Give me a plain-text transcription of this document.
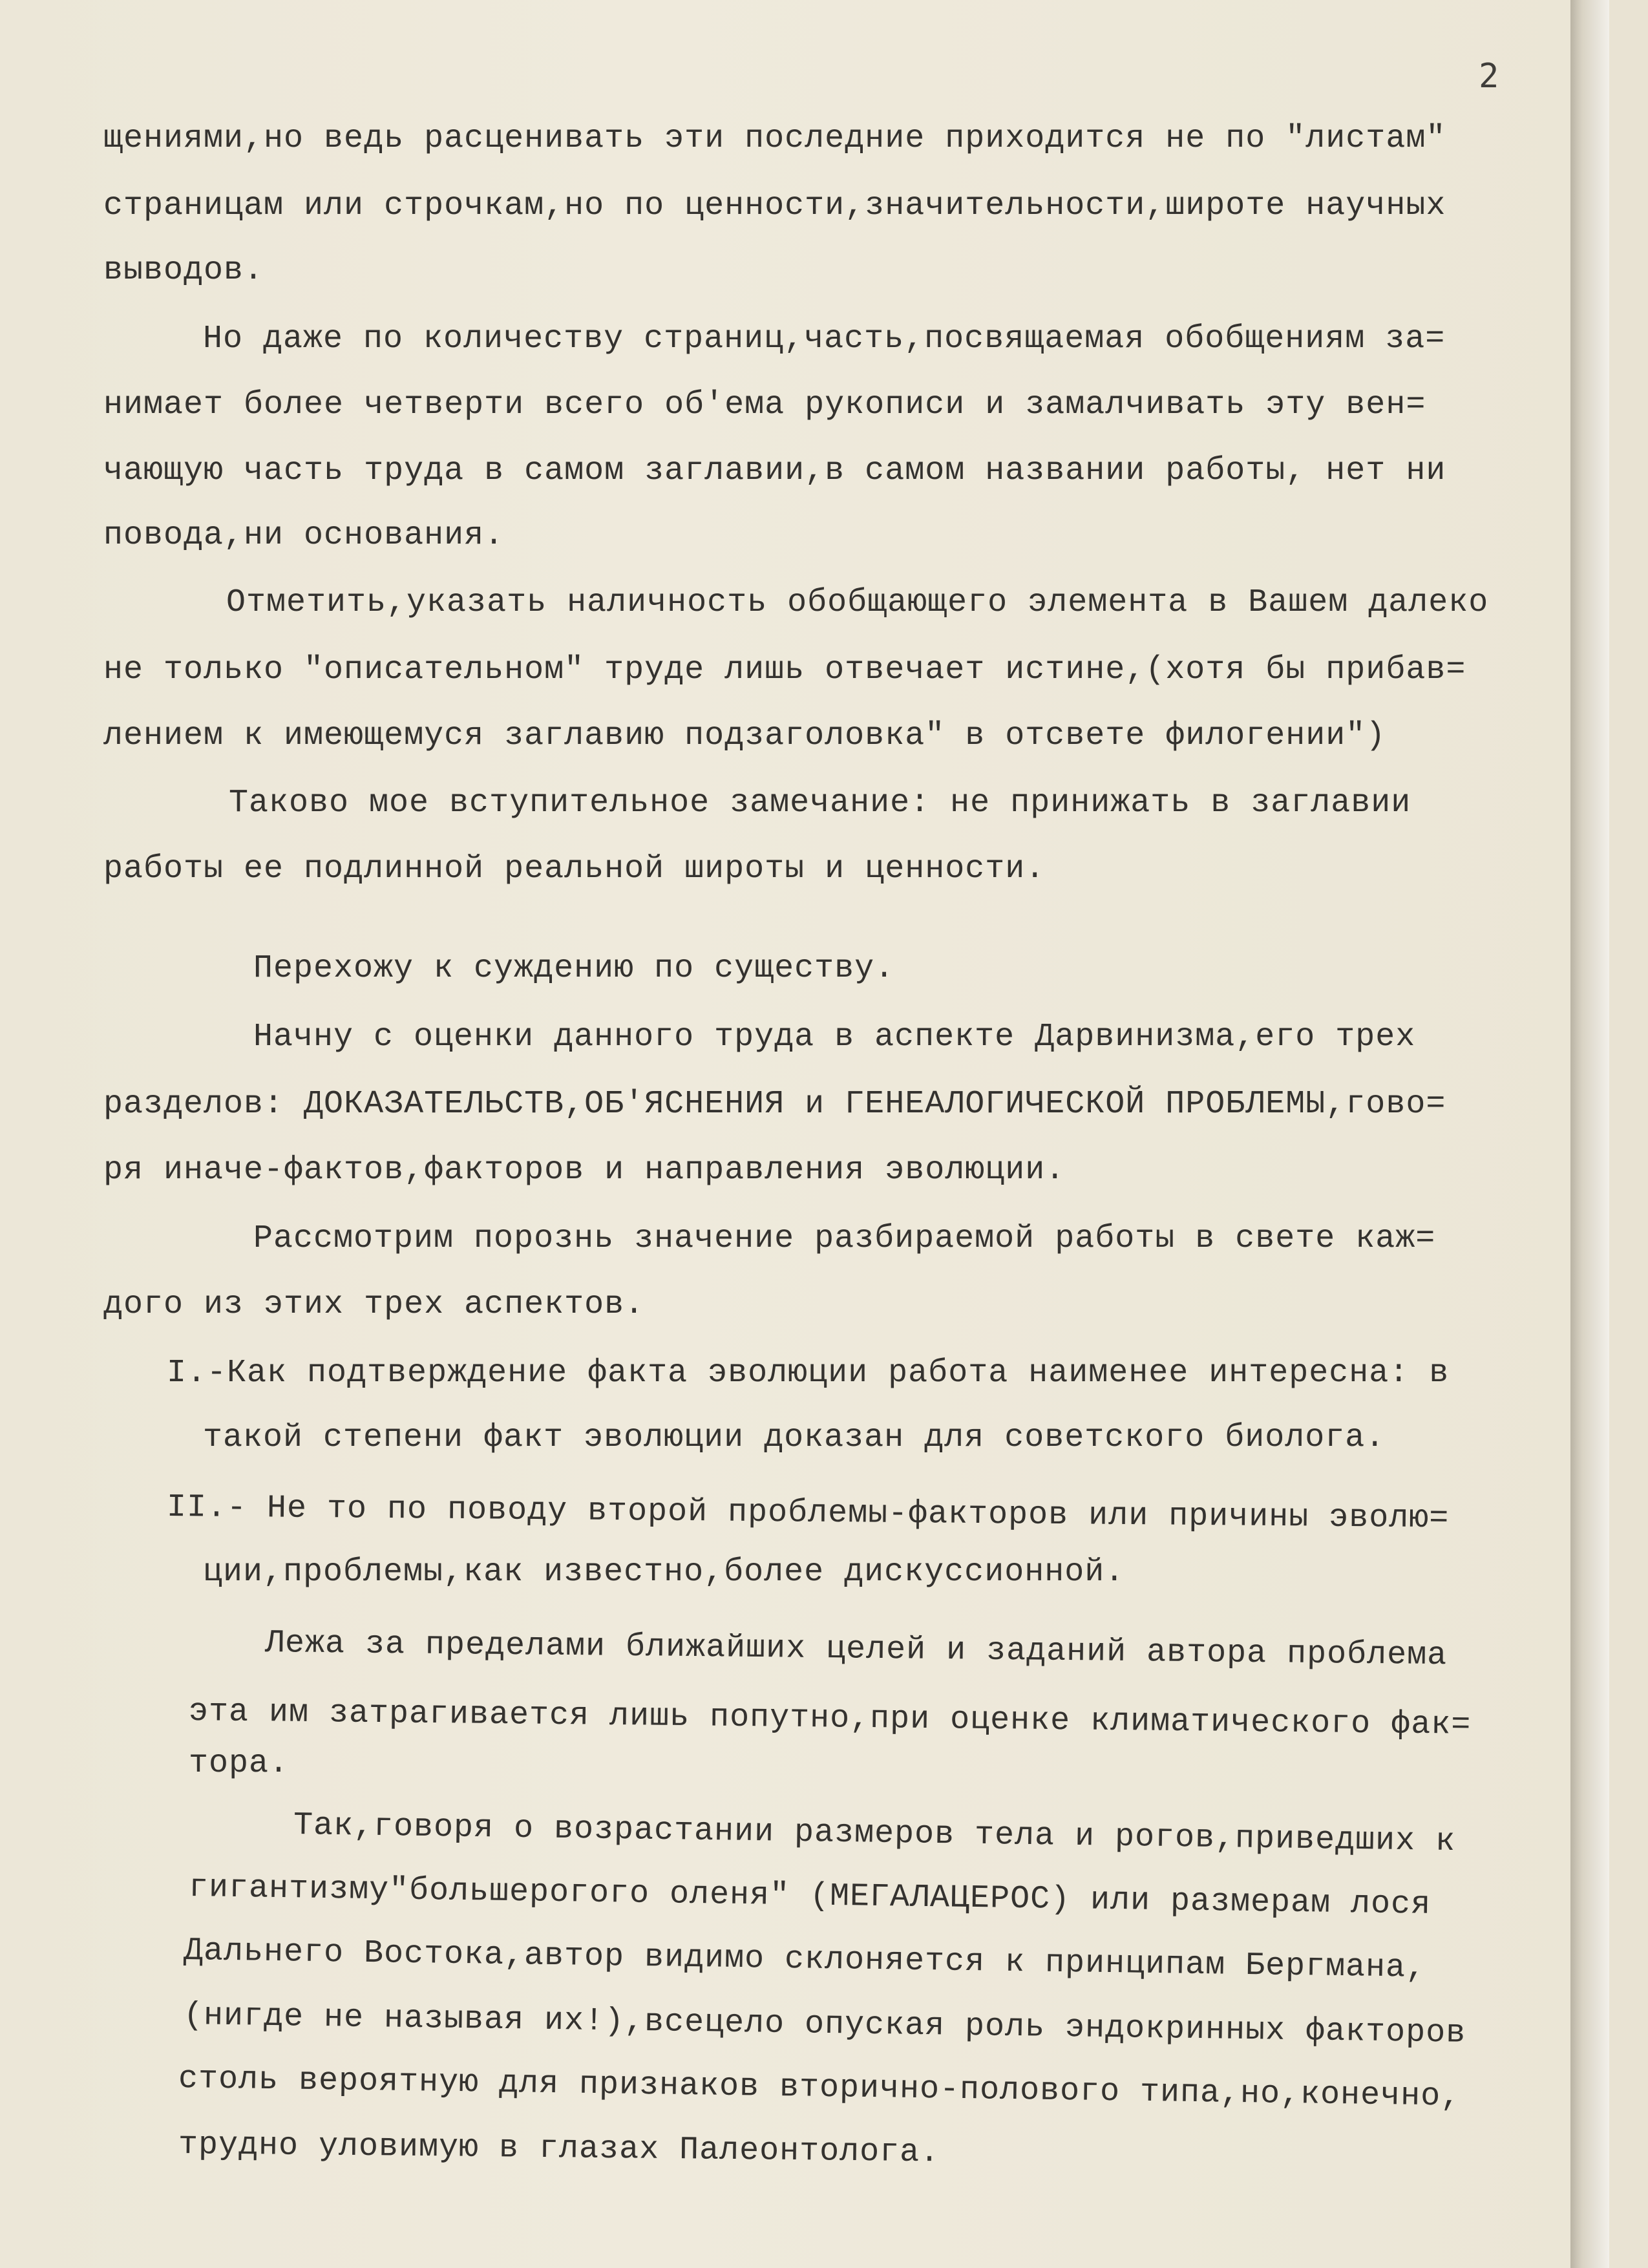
2

щениями,но ведь расценивать эти последние приходится не по "листам"

страницам или строчкам,но по ценности,значительности,широте научных

выводов.

Но даже по количеству страниц,часть,посвящаемая обобщениям за=

нимает более четверти всего об'ема рукописи и замалчивать эту вен=

чающую часть труда в самом заглавии,в самом названии работы, нет ни

повода,ни основания.

Отметить,указать наличность обобщающего элемента в Вашем далеко

не только "описательном" труде лишь отвечает истине,(хотя бы прибав=

лением к имеющемуся заглавию подзаголовка" в отсвете филогении")

Таково мое вступительное замечание: не принижать в заглавии

работы ее подлинной реальной широты и ценности.

Перехожу к суждению по существу.

Начну с оценки данного труда в аспекте Дарвинизма,его трех

разделов: ДОКАЗАТЕЛЬСТВ,ОБ'ЯСНЕНИЯ и ГЕНЕАЛОГИЧЕСКОЙ ПРОБЛЕМЫ,гово=

ря иначе-фактов,факторов и направления эволюции.

Рассмотрим порознь значение разбираемой работы в свете каж=

дого из этих трех аспектов.

I.-Как подтверждение факта эволюции работа наименее интересна: в

такой степени факт эволюции доказан для советского биолога.

II.- Не то по поводу второй проблемы-факторов или причины эволю=

ции,проблемы,как известно,более дискуссионной.

Лежа за пределами ближайших целей и заданий автора проблема

эта им затрагивается лишь попутно,при оценке климатического фак=

тора.

Так,говоря о возрастании размеров тела и рогов,приведших к

гигантизму"большерогого оленя" (МЕГАЛАЦЕРОС) или размерам лося

Дальнего Востока,автор видимо склоняется к принципам Бергмана,

(нигде не называя их!),всецело опуская роль эндокринных факторов

столь вероятную для признаков вторично-полового типа,но,конечно,

трудно уловимую в глазах Палеонтолога.
